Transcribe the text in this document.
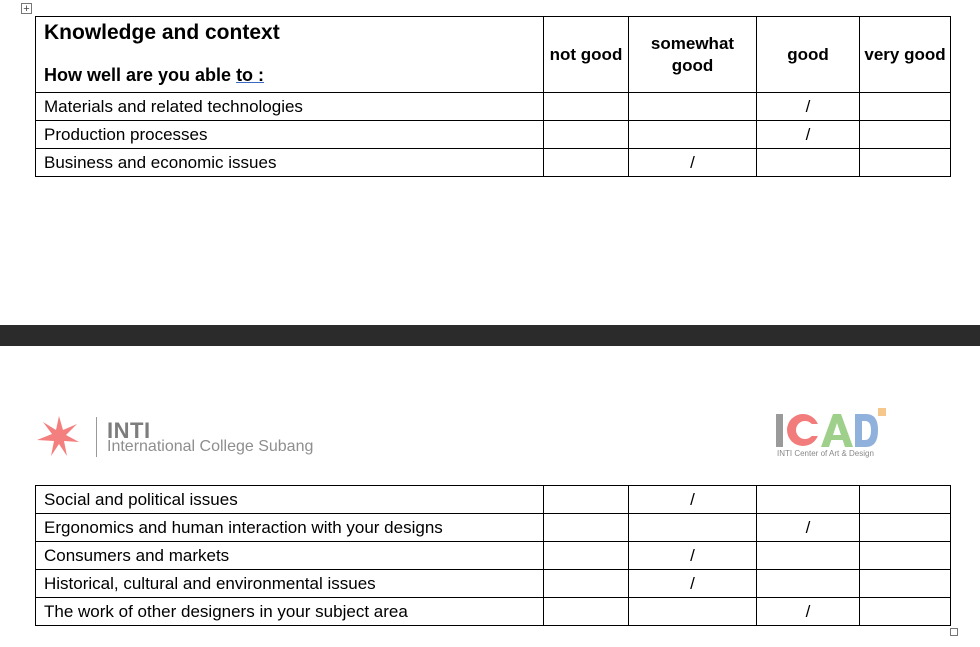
+
Knowledge and context
How well are you able to :	not good	somewhat good	good	very good
Materials and related technologies			/	
Production processes			/	
Business and economic issues		/		
INTI
International College Subang	INTI Center of Art & Design
Social and political issues		/		
Ergonomics and human interaction with your designs			/	
Consumers and markets		/		
Historical, cultural and environmental issues		/		
The work of other designers in your subject area			/	
